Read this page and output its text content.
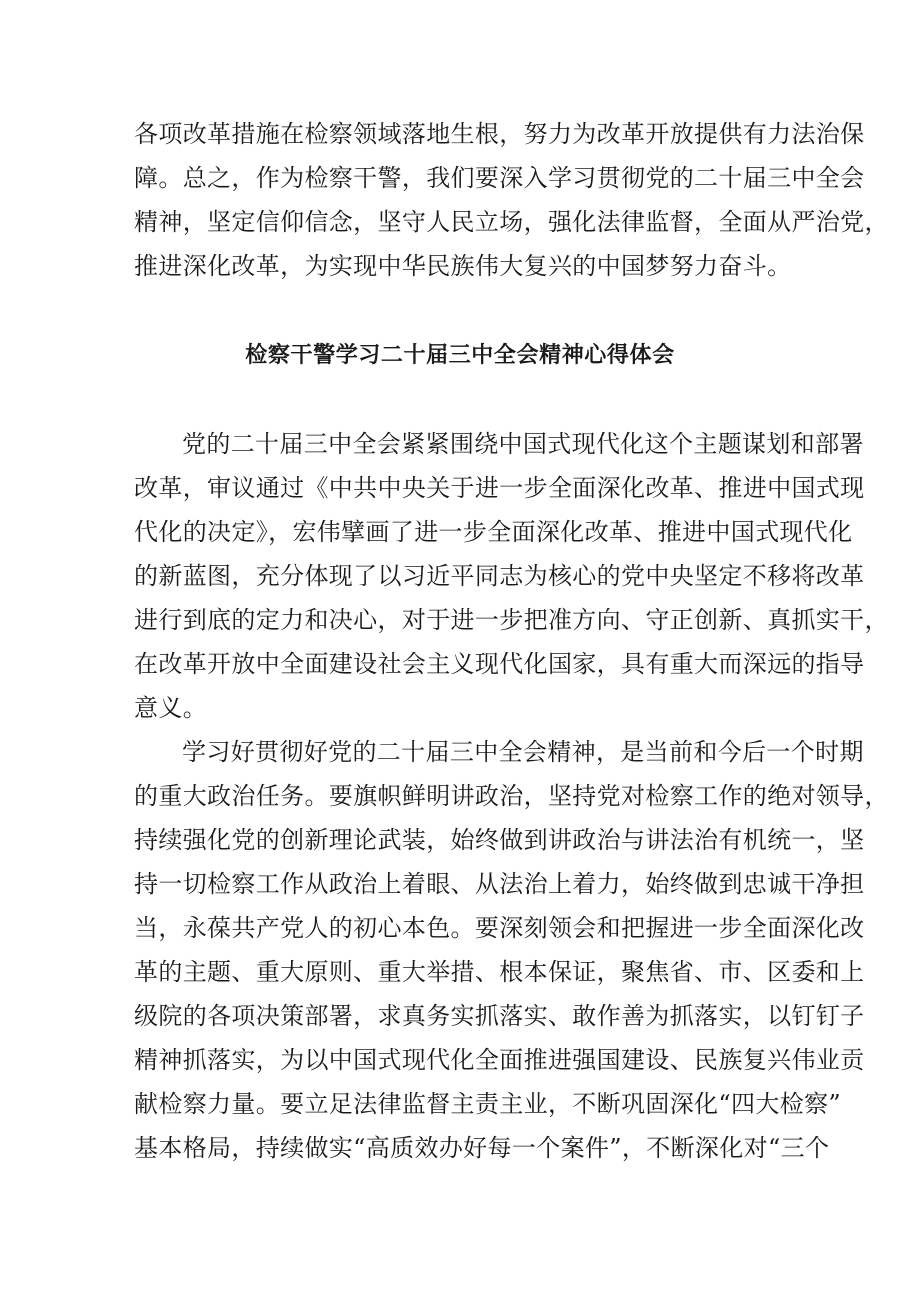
各项改革措施在检察领域落地生根，努力为改革开放提供有力法治保
障。总之，作为检察干警，我们要深入学习贯彻党的二十届三中全会
精神，坚定信仰信念，坚守人民立场，强化法律监督，全面从严治党，
推进深化改革，为实现中华民族伟大复兴的中国梦努力奋斗。
检察干警学习二十届三中全会精神心得体会
党的二十届三中全会紧紧围绕中国式现代化这个主题谋划和部署
改革，审议通过《中共中央关于进一步全面深化改革、推进中国式现
代化的决定》，宏伟擘画了进一步全面深化改革、推进中国式现代化
的新蓝图，充分体现了以习近平同志为核心的党中央坚定不移将改革
进行到底的定力和决心，对于进一步把准方向、守正创新、真抓实干，
在改革开放中全面建设社会主义现代化国家，具有重大而深远的指导
意义。
学习好贯彻好党的二十届三中全会精神，是当前和今后一个时期
的重大政治任务。要旗帜鲜明讲政治，坚持党对检察工作的绝对领导，
持续强化党的创新理论武装，始终做到讲政治与讲法治有机统一，坚
持一切检察工作从政治上着眼、从法治上着力，始终做到忠诚干净担
当，永葆共产党人的初心本色。要深刻领会和把握进一步全面深化改
革的主题、重大原则、重大举措、根本保证，聚焦省、市、区委和上
级院的各项决策部署，求真务实抓落实、敢作善为抓落实，以钉钉子
精神抓落实，为以中国式现代化全面推进强国建设、民族复兴伟业贡
献检察力量。要立足法律监督主责主业，不断巩固深化“四大检察”
基本格局，持续做实“高质效办好每一个案件”，不断深化对“三个
